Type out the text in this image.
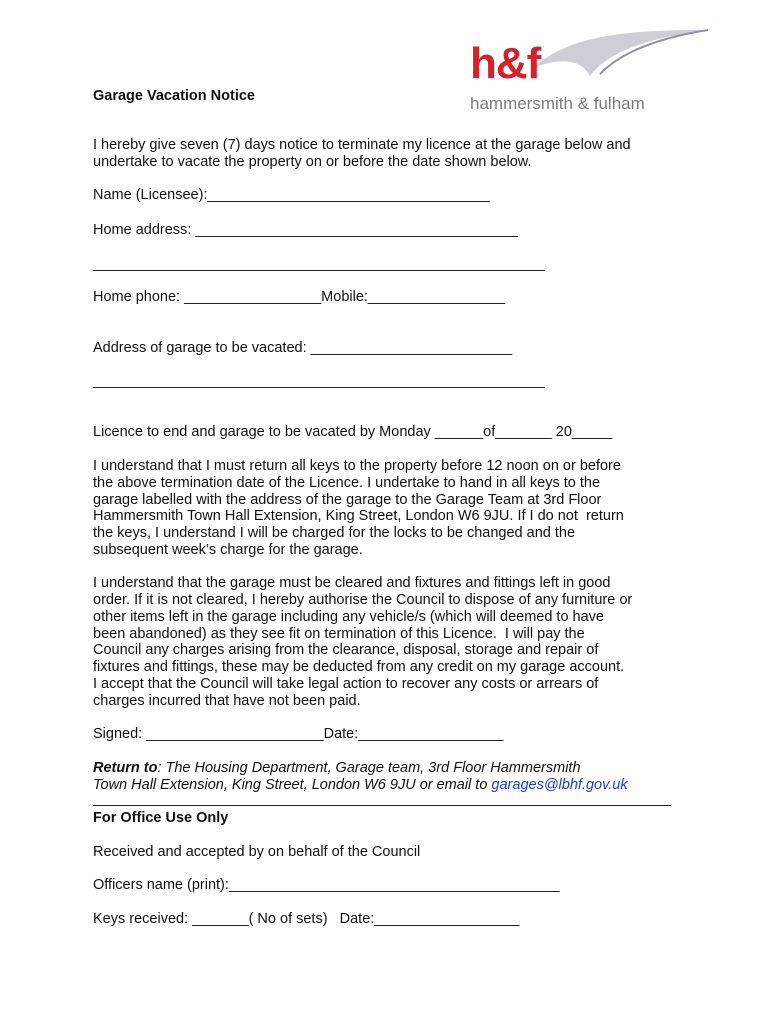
h&f
hammersmith & fulham
Garage Vacation Notice
I hereby give seven (7) days notice to terminate my licence at the garage below and
undertake to vacate the property on or before the date shown below.
Name (Licensee):___________________________________
Home address: ________________________________________
________________________________________________________
Home phone: _________________Mobile:_________________
Address of garage to be vacated: _________________________
________________________________________________________
Licence to end and garage to be vacated by Monday ______of_______ 20_____
I understand that I must return all keys to the property before 12 noon on or before
the above termination date of the Licence. I undertake to hand in all keys to the
garage labelled with the address of the garage to the Garage Team at 3rd Floor
Hammersmith Town Hall Extension, King Street, London W6 9JU. If I do not  return
the keys, I understand I will be charged for the locks to be changed and the
subsequent week’s charge for the garage.
I understand that the garage must be cleared and fixtures and fittings left in good
order. If it is not cleared, I hereby authorise the Council to dispose of any furniture or
other items left in the garage including any vehicle/s (which will deemed to have
been abandoned) as they see fit on termination of this Licence.  I will pay the
Council any charges arising from the clearance, disposal, storage and repair of
fixtures and fittings, these may be deducted from any credit on my garage account.
I accept that the Council will take legal action to recover any costs or arrears of
charges incurred that have not been paid.
Signed: ______________________Date:__________________
Return to: The Housing Department, Garage team, 3rd Floor Hammersmith
Town Hall Extension, King Street, London W6 9JU or email to garages@lbhf.gov.uk
For Office Use Only
Received and accepted by on behalf of the Council
Officers name (print):_________________________________________
Keys received: _______( No of sets)   Date:__________________
